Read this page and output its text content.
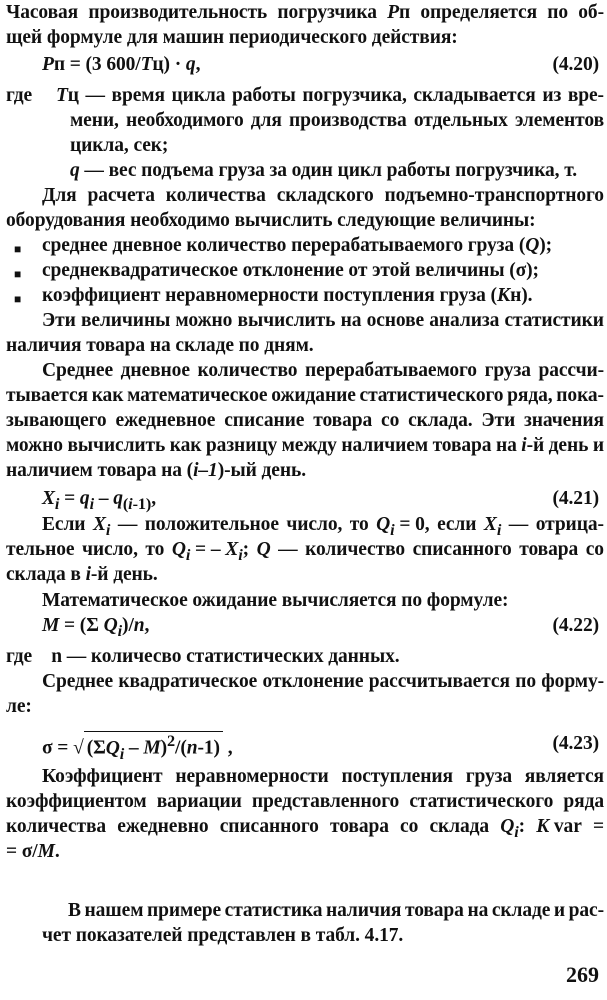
Часовая производительность погрузчика Рп определяется по об-
щей формуле для машин периодического действия:
Рп = (3 600/Тц) · q,	(4.20)
где     Тц — время цикла работы погрузчика, складывается из вре-
мени, необходимого для производства отдельных элементов
цикла, сек;
q — вес подъема груза за один цикл работы погрузчика, т.
Для расчета количества складского подъемно-транспортного
оборудования необходимо вычислить следующие величины:
■ среднее дневное количество перерабатываемого груза (Q);
■ среднеквадратическое отклонение от этой величины (σ);
■ коэффициент неравномерности поступления груза (Кн).
Эти величины можно вычислить на основе анализа статистики
наличия товара на складе по дням.
Среднее дневное количество перерабатываемого груза рассчи-
тывается как математическое ожидание статистического ряда, пока-
зывающего ежедневное списание товара со склада. Эти значения
можно вычислить как разницу между наличием товара на i-й день и
наличием товара на (i–1)-ый день.
$X_i = q_i - q_{(i-1)}$,	(4.21)
Если $X_i$ — положительное число, то $Q_i = 0$, если $X_i$ — отрица-
тельное число, то $Q_i$ = – $X_i$; Q — количество списанного товара со
склада в i-й день.
Математическое ожидание вычисляется по формуле:
M = (Σ $Q_i)/n$,	(4.22)
где    n — количесво статистических данных.
Среднее квадратическое отклонение рассчитывается по форму-
ле:
σ = √ $(\Sigma Q_i - M)^2/(n-1)$ ,	(4.23)
Коэффициент неравномерности поступления груза является
коэффициентом вариации представленного статистического ряда
количества ежедневно списанного товара со склада $Q_i$: K var =
= σ/M.
В нашем примере статистика наличия товара на складе и рас-
чет показателей представлен в табл. 4.17.
269
